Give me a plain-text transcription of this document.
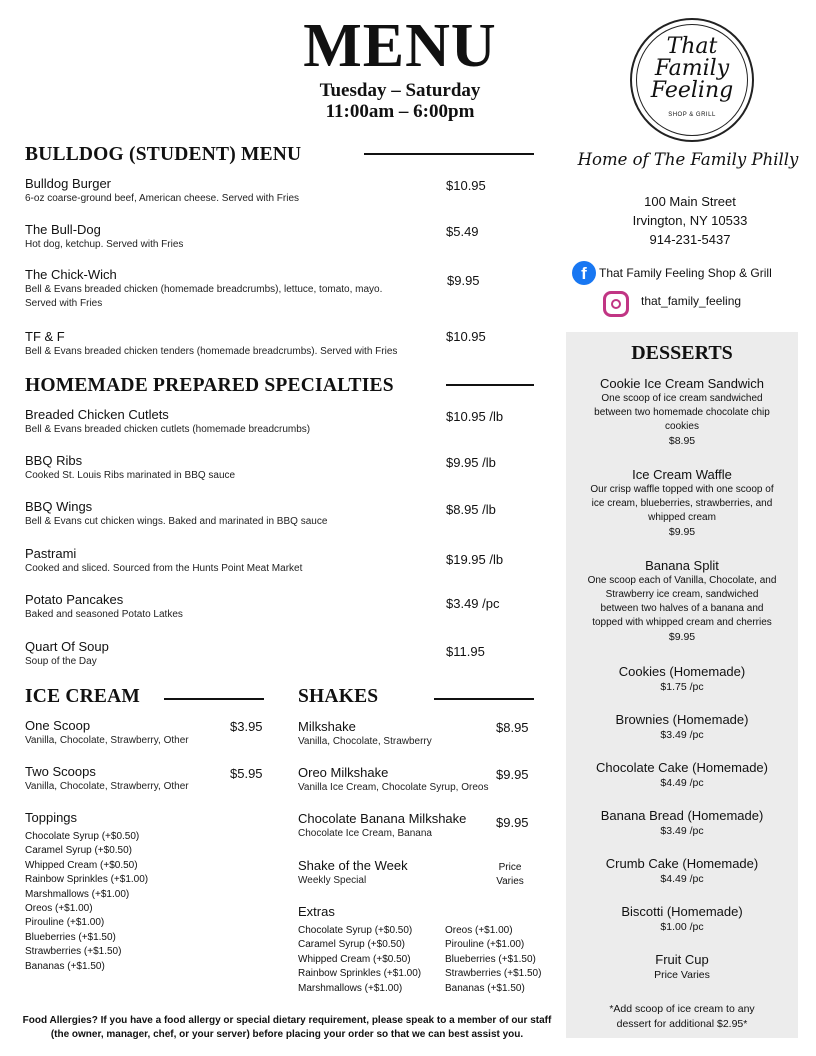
MENU
Tuesday – Saturday
11:00am – 6:00pm
That
Family
Feeling
SHOP & GRILL
Home of The Family Philly
100 Main Street
Irvington, NY 10533
914-231-5437
f	That Family Feeling Shop & Grill
that_family_feeling
BULLDOG (STUDENT) MENU
Bulldog Burger
6-oz coarse-ground beef, American cheese. Served with Fries
$10.95
The Bull-Dog
Hot dog, ketchup. Served with Fries
$5.49
The Chick-Wich
Bell & Evans breaded chicken (homemade breadcrumbs), lettuce, tomato, mayo.
Served with Fries
$9.95
TF & F
Bell & Evans breaded chicken tenders (homemade breadcrumbs). Served with Fries
$10.95
HOMEMADE PREPARED SPECIALTIES
Breaded Chicken Cutlets
Bell & Evans breaded chicken cutlets (homemade breadcrumbs)
$10.95 /lb
BBQ Ribs
Cooked St. Louis Ribs marinated in BBQ sauce
$9.95 /lb
BBQ Wings
Bell & Evans cut chicken wings. Baked and marinated in BBQ sauce
$8.95 /lb
Pastrami
Cooked and sliced. Sourced from the Hunts Point Meat Market
$19.95 /lb
Potato Pancakes
Baked and seasoned Potato Latkes
$3.49 /pc
Quart Of Soup
Soup of the Day
$11.95
ICE CREAM
One Scoop
Vanilla, Chocolate, Strawberry, Other
$3.95
Two Scoops
Vanilla, Chocolate, Strawberry, Other
$5.95
Toppings
Chocolate Syrup (+$0.50)
Caramel Syrup (+$0.50)
Whipped Cream (+$0.50)
Rainbow Sprinkles (+$1.00)
Marshmallows (+$1.00)
Oreos (+$1.00)
Pirouline (+$1.00)
Blueberries (+$1.50)
Strawberries (+$1.50)
Bananas (+$1.50)
SHAKES
Milkshake
Vanilla, Chocolate, Strawberry
$8.95
Oreo Milkshake
Vanilla Ice Cream, Chocolate Syrup, Oreos
$9.95
Chocolate Banana Milkshake
Chocolate Ice Cream, Banana
$9.95
Shake of the Week
Weekly Special
Price
Varies
Extras
Chocolate Syrup (+$0.50)
Caramel Syrup (+$0.50)
Whipped Cream (+$0.50)
Rainbow Sprinkles (+$1.00)
Marshmallows (+$1.00)
Oreos (+$1.00)
Pirouline (+$1.00)
Blueberries (+$1.50)
Strawberries (+$1.50)
Bananas (+$1.50)
DESSERTS
Cookie Ice Cream Sandwich
One scoop of ice cream sandwiched
between two homemade chocolate chip
cookies
$8.95
Ice Cream Waffle
Our crisp waffle topped with one scoop of
ice cream, blueberries, strawberries, and
whipped cream
$9.95
Banana Split
One scoop each of Vanilla, Chocolate, and
Strawberry ice cream, sandwiched
between two halves of a banana and
topped with whipped cream and cherries
$9.95
Cookies (Homemade)
$1.75 /pc
Brownies (Homemade)
$3.49 /pc
Chocolate Cake (Homemade)
$4.49 /pc
Banana Bread (Homemade)
$3.49 /pc
Crumb Cake (Homemade)
$4.49 /pc
Biscotti (Homemade)
$1.00 /pc
Fruit Cup
Price Varies
*Add scoop of ice cream to any
dessert for additional $2.95*
Food Allergies? If you have a food allergy or special dietary requirement, please speak to a member of our staff
(the owner, manager, chef, or your server) before placing your order so that we can best assist you.
